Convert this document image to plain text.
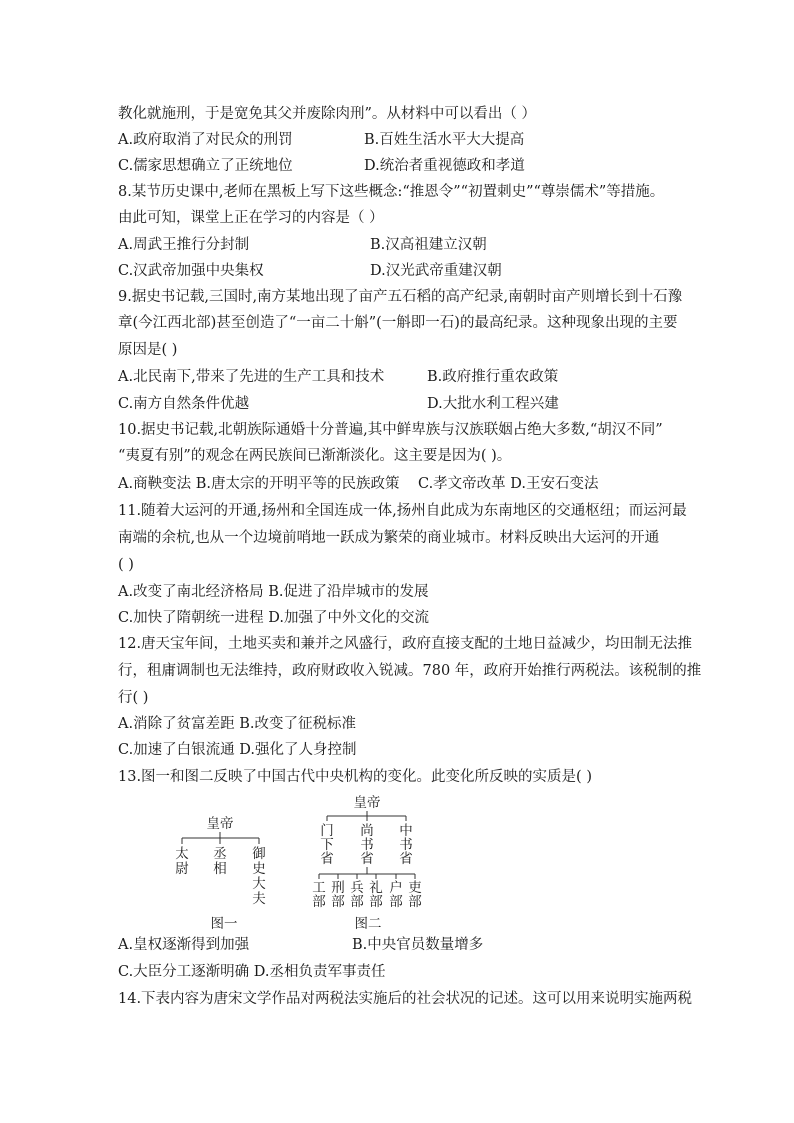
教化就施刑，于是宽免其父并废除肉刑”。从材料中可以看出（ ）
A.政府取消了对民众的刑罚	B.百姓生活水平大大提高
C.儒家思想确立了正统地位	D.统治者重视德政和孝道
8.某节历史课中,老师在黑板上写下这些概念:“推恩令”“初置刺史”“尊崇儒术”等措施。
由此可知，课堂上正在学习的内容是（ ）
A.周武王推行分封制	B.汉高祖建立汉朝
C.汉武帝加强中央集权	D.汉光武帝重建汉朝
9.据史书记载,三国时,南方某地出现了亩产五石稻的高产纪录,南朝时亩产则增长到十石豫
章(今江西北部)甚至创造了“一亩二十斛”(一斛即一石)的最高纪录。这种现象出现的主要
原因是( )
A.北民南下,带来了先进的生产工具和技术	B.政府推行重农政策
C.南方自然条件优越	D.大批水利工程兴建
10.据史书记载,北朝族际通婚十分普遍,其中鲜卑族与汉族联姻占绝大多数,“胡汉不同”
“夷夏有别”的观念在两民族间已渐渐淡化。这主要是因为( )。
A.商鞅变法 B.唐太宗的开明平等的民族政策 C.孝文帝改革 D.王安石变法
11.随着大运河的开通,扬州和全国连成一体,扬州自此成为东南地区的交通枢纽；而运河最
南端的余杭,也从一个边境前哨地一跃成为繁荣的商业城市。材料反映出大运河的开通
( )
A.改变了南北经济格局 B.促进了沿岸城市的发展
C.加快了隋朝统一进程 D.加强了中外文化的交流
12.唐天宝年间，土地买卖和兼并之风盛行，政府直接支配的土地日益减少，均田制无法推
行，租庸调制也无法维持，政府财政收入锐减。780 年，政府开始推行两税法。该税制的推
行( )
A.消除了贫富差距 B.改变了征税标准
C.加速了白银流通 D.强化了人身控制
13.图一和图二反映了中国古代中央机构的变化。此变化所反映的实质是( )
皇帝
太
尉
丞
相
御
史
大
夫
图一
皇帝
门
下
省
尚
书
省
中
书
省
工
部
刑
部
兵
部
礼
部
户
部
吏
部
图二
A.皇权逐渐得到加强	B.中央官员数量增多
C.大臣分工逐渐明确 D.丞相负责军事责任
14.下表内容为唐宋文学作品对两税法实施后的社会状况的记述。这可以用来说明实施两税
